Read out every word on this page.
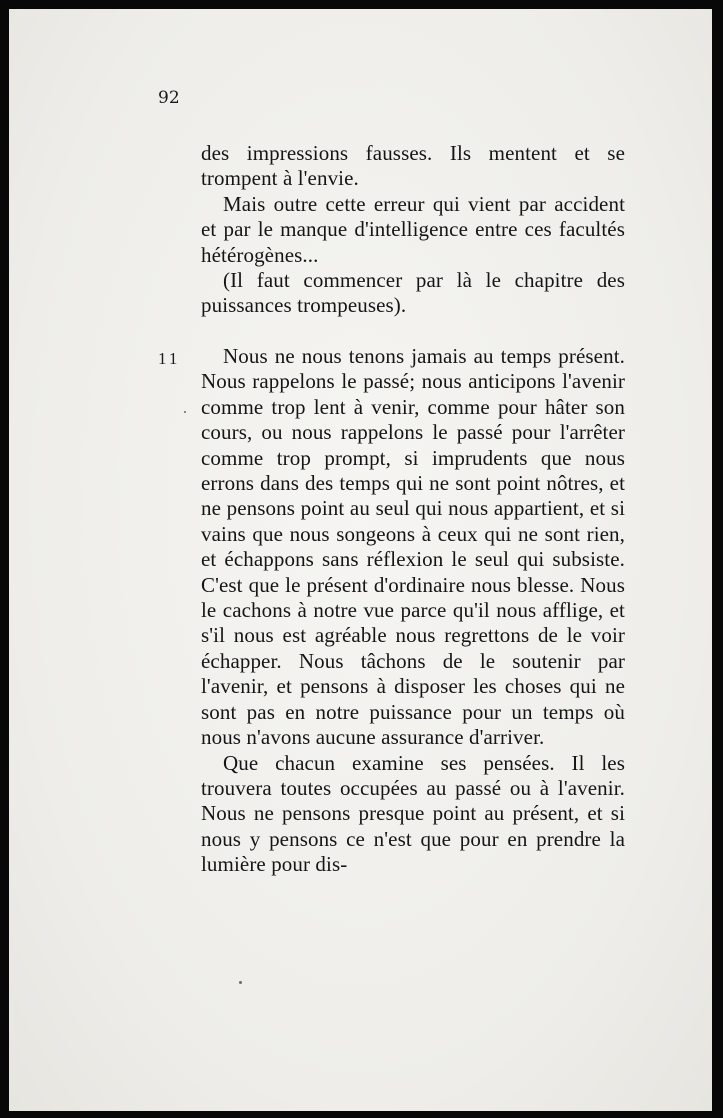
92

des impressions fausses. Ils mentent et se trompent à l'envie.

Mais outre cette erreur qui vient par accident et par le manque d'intelligence entre ces facultés hétérogènes...

(Il faut commencer par là le chapitre des puissances trompeuses).

11	Nous ne nous tenons jamais au temps présent. Nous rappelons le passé; nous anticipons l'avenir comme trop lent à venir, comme pour hâter son cours, ou nous rappelons le passé pour l'arrêter comme trop prompt, si imprudents que nous errons dans des temps qui ne sont point nôtres, et ne pensons point au seul qui nous appartient, et si vains que nous songeons à ceux qui ne sont rien, et échappons sans réflexion le seul qui subsiste. C'est que le présent d'ordinaire nous blesse. Nous le cachons à notre vue parce qu'il nous afflige, et s'il nous est agréable nous regrettons de le voir échapper. Nous tâchons de le soutenir par l'avenir, et pensons à disposer les choses qui ne sont pas en notre puissance pour un temps où nous n'avons aucune assurance d'arriver.

Que chacun examine ses pensées. Il les trouvera toutes occupées au passé ou à l'avenir. Nous ne pensons presque point au présent, et si nous y pensons ce n'est que pour en prendre la lumière pour dis-
